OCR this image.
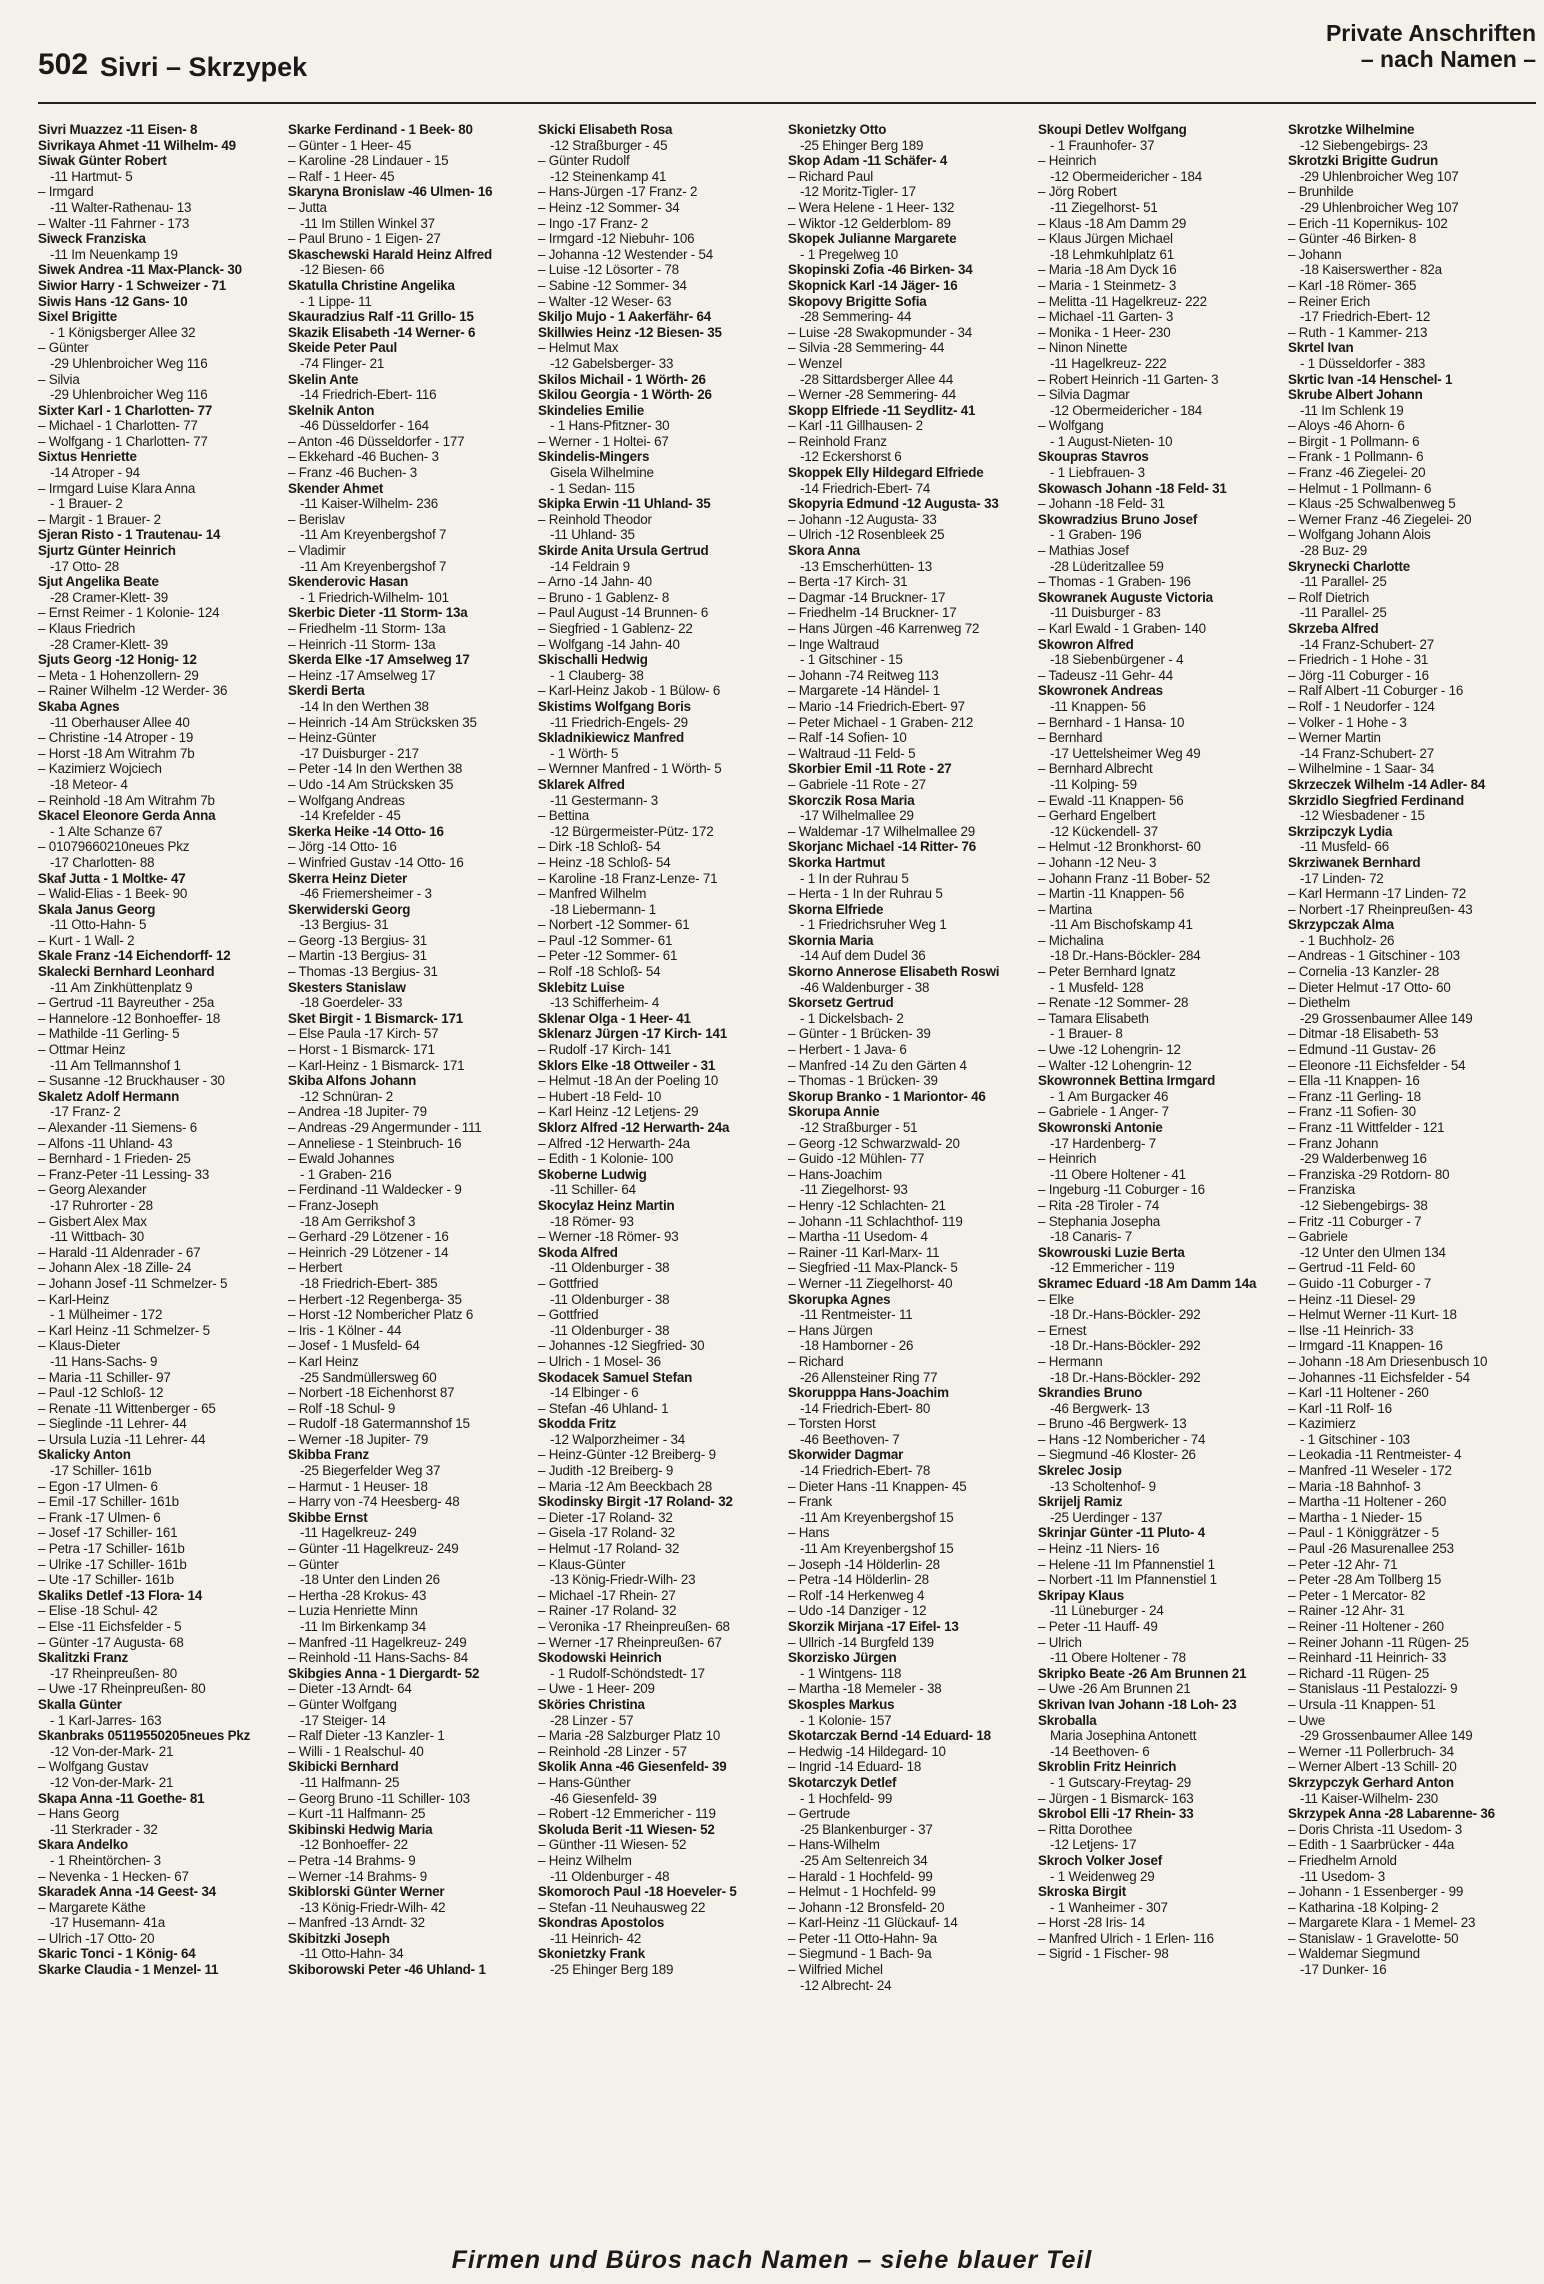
502 Sivri – Skrzypek
Private Anschriften
– nach Namen –
Sivri Muazzez -11 Eisen- 8
Sivrikaya Ahmet -11 Wilhelm- 49
Siwak Günter Robert
-11 Hartmut- 5
– Irmgard
-11 Walter-Rathenau- 13
– Walter -11 Fahrner - 173
Siweck Franziska
-11 Im Neuenkamp 19
Siwek Andrea -11 Max-Planck- 30
Siwior Harry - 1 Schweizer - 71
Siwis Hans -12 Gans- 10
Sixel Brigitte
- 1 Königsberger Allee 32
– Günter
-29 Uhlenbroicher Weg 116
– Silvia
-29 Uhlenbroicher Weg 116
Sixter Karl - 1 Charlotten- 77
– Michael - 1 Charlotten- 77
– Wolfgang - 1 Charlotten- 77
Sixtus Henriette
-14 Atroper - 94
– Irmgard Luise Klara Anna
- 1 Brauer- 2
– Margit - 1 Brauer- 2
Sjeran Risto - 1 Trautenau- 14
Sjurtz Günter Heinrich
-17 Otto- 28
Sjut Angelika Beate
-28 Cramer-Klett- 39
– Ernst Reimer - 1 Kolonie- 124
– Klaus Friedrich
-28 Cramer-Klett- 39
Sjuts Georg -12 Honig- 12
– Meta - 1 Hohenzollern- 29
– Rainer Wilhelm -12 Werder- 36
Skaba Agnes
-11 Oberhauser Allee 40
– Christine -14 Atroper - 19
– Horst -18 Am Witrahm 7b
– Kazimierz Wojciech
-18 Meteor- 4
– Reinhold -18 Am Witrahm 7b
Skacel Eleonore Gerda Anna
- 1 Alte Schanze 67
– 01079660210neues Pkz
-17 Charlotten- 88
Skaf Jutta - 1 Moltke- 47
– Walid-Elias - 1 Beek- 90
Skala Janus Georg
-11 Otto-Hahn- 5
– Kurt - 1 Wall- 2
Skale Franz -14 Eichendorff- 12
Skalecki Bernhard Leonhard
-11 Am Zinkhüttenplatz 9
– Gertrud -11 Bayreuther - 25a
– Hannelore -12 Bonhoeffer- 18
– Mathilde -11 Gerling- 5
– Ottmar Heinz
-11 Am Tellmannshof 1
– Susanne -12 Bruckhauser - 30
Skaletz Adolf Hermann
-17 Franz- 2
– Alexander -11 Siemens- 6
– Alfons -11 Uhland- 43
– Bernhard - 1 Frieden- 25
– Franz-Peter -11 Lessing- 33
– Georg Alexander
-17 Ruhrorter - 28
– Gisbert Alex Max
-11 Wittbach- 30
– Harald -11 Aldenrader - 67
– Johann Alex -18 Zille- 24
– Johann Josef -11 Schmelzer- 5
– Karl-Heinz
- 1 Mülheimer - 172
– Karl Heinz -11 Schmelzer- 5
– Klaus-Dieter
-11 Hans-Sachs- 9
– Maria -11 Schiller- 97
– Paul -12 Schloß- 12
– Renate -11 Wittenberger - 65
– Sieglinde -11 Lehrer- 44
– Ursula Luzia -11 Lehrer- 44
Skalicky Anton
-17 Schiller- 161b
– Egon -17 Ulmen- 6
– Emil -17 Schiller- 161b
– Frank -17 Ulmen- 6
– Josef -17 Schiller- 161
– Petra -17 Schiller- 161b
– Ulrike -17 Schiller- 161b
– Ute -17 Schiller- 161b
Skaliks Detlef -13 Flora- 14
– Elise -18 Schul- 42
– Else -11 Eichsfelder - 5
– Günter -17 Augusta- 68
Skalitzki Franz
-17 Rheinpreußen- 80
– Uwe -17 Rheinpreußen- 80
Skalla Günter
- 1 Karl-Jarres- 163
Skanbraks 05119550205neues Pkz
-12 Von-der-Mark- 21
– Wolfgang Gustav
-12 Von-der-Mark- 21
Skapa Anna -11 Goethe- 81
– Hans Georg
-11 Sterkrader - 32
Skara Andelko
- 1 Rheintörchen- 3
– Nevenka - 1 Hecken- 67
Skaradek Anna -14 Geest- 34
– Margarete Käthe
-17 Husemann- 41a
– Ulrich -17 Otto- 20
Skaric Tonci - 1 König- 64
Skarke Claudia - 1 Menzel- 11
Skarke Ferdinand - 1 Beek- 80
– Günter - 1 Heer- 45
– Karoline -28 Lindauer - 15
– Ralf - 1 Heer- 45
Skaryna Bronislaw -46 Ulmen- 16
– Jutta
-11 Im Stillen Winkel 37
– Paul Bruno - 1 Eigen- 27
Skaschewski Harald Heinz Alfred
-12 Biesen- 66
Skatulla Christine Angelika
- 1 Lippe- 11
Skauradzius Ralf -11 Grillo- 15
Skazik Elisabeth -14 Werner- 6
Skeide Peter Paul
-74 Flinger- 21
Skelin Ante
-14 Friedrich-Ebert- 116
Skelnik Anton
-46 Düsseldorfer - 164
– Anton -46 Düsseldorfer - 177
– Ekkehard -46 Buchen- 3
– Franz -46 Buchen- 3
Skender Ahmet
-11 Kaiser-Wilhelm- 236
– Berislav
-11 Am Kreyenbergshof 7
– Vladimir
-11 Am Kreyenbergshof 7
Skenderovic Hasan
- 1 Friedrich-Wilhelm- 101
Skerbic Dieter -11 Storm- 13a
– Friedhelm -11 Storm- 13a
– Heinrich -11 Storm- 13a
Skerda Elke -17 Amselweg 17
– Heinz -17 Amselweg 17
Skerdi Berta
-14 In den Werthen 38
– Heinrich -14 Am Strücksken 35
– Heinz-Günter
-17 Duisburger - 217
– Peter -14 In den Werthen 38
– Udo -14 Am Strücksken 35
– Wolfgang Andreas
-14 Krefelder - 45
Skerka Heike -14 Otto- 16
– Jörg -14 Otto- 16
– Winfried Gustav -14 Otto- 16
Skerra Heinz Dieter
-46 Friemersheimer - 3
Skerwiderski Georg
-13 Bergius- 31
– Georg -13 Bergius- 31
– Martin -13 Bergius- 31
– Thomas -13 Bergius- 31
Skesters Stanislaw
-18 Goerdeler- 33
Sket Birgit - 1 Bismarck- 171
– Else Paula -17 Kirch- 57
– Horst - 1 Bismarck- 171
– Karl-Heinz - 1 Bismarck- 171
Skiba Alfons Johann
-12 Schnüran- 2
– Andrea -18 Jupiter- 79
– Andreas -29 Angermunder - 111
– Anneliese - 1 Steinbruch- 16
– Ewald Johannes
- 1 Graben- 216
– Ferdinand -11 Waldecker - 9
– Franz-Joseph
-18 Am Gerrikshof 3
– Gerhard -29 Lötzener - 16
– Heinrich -29 Lötzener - 14
– Herbert
-18 Friedrich-Ebert- 385
– Herbert -12 Regenberga- 35
– Horst -12 Nombericher Platz 6
– Iris - 1 Kölner - 44
– Josef - 1 Musfeld- 64
– Karl Heinz
-25 Sandmüllersweg 60
– Norbert -18 Eichenhorst 87
– Rolf -18 Schul- 9
– Rudolf -18 Gatermannshof 15
– Werner -18 Jupiter- 79
Skibba Franz
-25 Biegerfelder Weg 37
– Harmut - 1 Heuser- 18
– Harry von -74 Heesberg- 48
Skibbe Ernst
-11 Hagelkreuz- 249
– Günter -11 Hagelkreuz- 249
– Günter
-18 Unter den Linden 26
– Hertha -28 Krokus- 43
– Luzia Henriette Minn
-11 Im Birkenkamp 34
– Manfred -11 Hagelkreuz- 249
– Reinhold -11 Hans-Sachs- 84
Skibgies Anna - 1 Diergardt- 52
– Dieter -13 Arndt- 64
– Günter Wolfgang
-17 Steiger- 14
– Ralf Dieter -13 Kanzler- 1
– Willi - 1 Realschul- 40
Skibicki Bernhard
-11 Halfmann- 25
– Georg Bruno -11 Schiller- 103
– Kurt -11 Halfmann- 25
Skibinski Hedwig Maria
-12 Bonhoeffer- 22
– Petra -14 Brahms- 9
– Werner -14 Brahms- 9
Skiblorski Günter Werner
-13 König-Friedr-Wilh- 42
– Manfred -13 Arndt- 32
Skibitzki Joseph
-11 Otto-Hahn- 34
Skiborowski Peter -46 Uhland- 1
Skicki Elisabeth Rosa
-12 Straßburger - 45
– Günter Rudolf
-12 Steinenkamp 41
– Hans-Jürgen -17 Franz- 2
– Heinz -12 Sommer- 34
– Ingo -17 Franz- 2
– Irmgard -12 Niebuhr- 106
– Johanna -12 Westender - 54
– Luise -12 Lösorter - 78
– Sabine -12 Sommer- 34
– Walter -12 Weser- 63
Skiljo Mujo - 1 Aakerfähr- 64
Skillwies Heinz -12 Biesen- 35
– Helmut Max
-12 Gabelsberger- 33
Skilos Michail - 1 Wörth- 26
Skilou Georgia - 1 Wörth- 26
Skindelies Emilie
- 1 Hans-Pfitzner- 30
– Werner - 1 Holtei- 67
Skindelis-Mingers
Gisela Wilhelmine
- 1 Sedan- 115
Skipka Erwin -11 Uhland- 35
– Reinhold Theodor
-11 Uhland- 35
Skirde Anita Ursula Gertrud
-14 Feldrain 9
– Arno -14 Jahn- 40
– Bruno - 1 Gablenz- 8
– Paul August -14 Brunnen- 6
– Siegfried - 1 Gablenz- 22
– Wolfgang -14 Jahn- 40
Skischalli Hedwig
- 1 Clauberg- 38
– Karl-Heinz Jakob - 1 Bülow- 6
Skistims Wolfgang Boris
-11 Friedrich-Engels- 29
Skladnikiewicz Manfred
- 1 Wörth- 5
– Wernner Manfred - 1 Wörth- 5
Sklarek Alfred
-11 Gestermann- 3
– Bettina
-12 Bürgermeister-Pütz- 172
– Dirk -18 Schloß- 54
– Heinz -18 Schloß- 54
– Karoline -18 Franz-Lenze- 71
– Manfred Wilhelm
-18 Liebermann- 1
– Norbert -12 Sommer- 61
– Paul -12 Sommer- 61
– Peter -12 Sommer- 61
– Rolf -18 Schloß- 54
Sklebitz Luise
-13 Schifferheim- 4
Sklenar Olga - 1 Heer- 41
Sklenarz Jürgen -17 Kirch- 141
– Rudolf -17 Kirch- 141
Sklors Elke -18 Ottweiler - 31
– Helmut -18 An der Poeling 10
– Hubert -18 Feld- 10
– Karl Heinz -12 Letjens- 29
Sklorz Alfred -12 Herwarth- 24a
– Alfred -12 Herwarth- 24a
– Edith - 1 Kolonie- 100
Skoberne Ludwig
-11 Schiller- 64
Skocylaz Heinz Martin
-18 Römer- 93
– Werner -18 Römer- 93
Skoda Alfred
-11 Oldenburger - 38
– Gottfried
-11 Oldenburger - 38
– Gottfried
-11 Oldenburger - 38
– Johannes -12 Siegfried- 30
– Ulrich - 1 Mosel- 36
Skodacek Samuel Stefan
-14 Elbinger - 6
– Stefan -46 Uhland- 1
Skodda Fritz
-12 Walporzheimer - 34
– Heinz-Günter -12 Breiberg- 9
– Judith -12 Breiberg- 9
– Maria -12 Am Beeckbach 28
Skodinsky Birgit -17 Roland- 32
– Dieter -17 Roland- 32
– Gisela -17 Roland- 32
– Helmut -17 Roland- 32
– Klaus-Günter
-13 König-Friedr-Wilh- 23
– Michael -17 Rhein- 27
– Rainer -17 Roland- 32
– Veronika -17 Rheinpreußen- 68
– Werner -17 Rheinpreußen- 67
Skodowski Heinrich
- 1 Rudolf-Schöndstedt- 17
– Uwe - 1 Heer- 209
Sköries Christina
-28 Linzer - 57
– Maria -28 Salzburger Platz 10
– Reinhold -28 Linzer - 57
Skolik Anna -46 Giesenfeld- 39
– Hans-Günther
-46 Giesenfeld- 39
– Robert -12 Emmericher - 119
Skoluda Berit -11 Wiesen- 52
– Günther -11 Wiesen- 52
– Heinz Wilhelm
-11 Oldenburger - 48
Skomoroch Paul -18 Hoeveler- 5
– Stefan -11 Neuhausweg 22
Skondras Apostolos
-11 Heinrich- 42
Skonietzky Frank
-25 Ehinger Berg 189
Skonietzky Otto
-25 Ehinger Berg 189
Skop Adam -11 Schäfer- 4
– Richard Paul
-12 Moritz-Tigler- 17
– Wera Helene - 1 Heer- 132
– Wiktor -12 Gelderblom- 89
Skopek Julianne Margarete
- 1 Pregelweg 10
Skopinski Zofia -46 Birken- 34
Skopnick Karl -14 Jäger- 16
Skopovy Brigitte Sofia
-28 Semmering- 44
– Luise -28 Swakopmunder - 34
– Silvia -28 Semmering- 44
– Wenzel
-28 Sittardsberger Allee 44
– Werner -28 Semmering- 44
Skopp Elfriede -11 Seydlitz- 41
– Karl -11 Gillhausen- 2
– Reinhold Franz
-12 Eckershorst 6
Skoppek Elly Hildegard Elfriede
-14 Friedrich-Ebert- 74
Skopyria Edmund -12 Augusta- 33
– Johann -12 Augusta- 33
– Ulrich -12 Rosenbleek 25
Skora Anna
-13 Emscherhütten- 13
– Berta -17 Kirch- 31
– Dagmar -14 Bruckner- 17
– Friedhelm -14 Bruckner- 17
– Hans Jürgen -46 Karrenweg 72
– Inge Waltraud
- 1 Gitschiner - 15
– Johann -74 Reitweg 113
– Margarete -14 Händel- 1
– Mario -14 Friedrich-Ebert- 97
– Peter Michael - 1 Graben- 212
– Ralf -14 Sofien- 10
– Waltraud -11 Feld- 5
Skorbier Emil -11 Rote - 27
– Gabriele -11 Rote - 27
Skorczik Rosa Maria
-17 Wilhelmallee 29
– Waldemar -17 Wilhelmallee 29
Skorjanc Michael -14 Ritter- 76
Skorka Hartmut
- 1 In der Ruhrau 5
– Herta - 1 In der Ruhrau 5
Skorna Elfriede
- 1 Friedrichsruher Weg 1
Skornia Maria
-14 Auf dem Dudel 36
Skorno Annerose Elisabeth Roswi
-46 Waldenburger - 38
Skorsetz Gertrud
- 1 Dickelsbach- 2
– Günter - 1 Brücken- 39
– Herbert - 1 Java- 6
– Manfred -14 Zu den Gärten 4
– Thomas - 1 Brücken- 39
Skorup Branko - 1 Mariontor- 46
Skorupa Annie
-12 Straßburger - 51
– Georg -12 Schwarzwald- 20
– Guido -12 Mühlen- 77
– Hans-Joachim
-11 Ziegelhorst- 93
– Henry -12 Schlachten- 21
– Johann -11 Schlachthof- 119
– Martha -11 Usedom- 4
– Rainer -11 Karl-Marx- 11
– Siegfried -11 Max-Planck- 5
– Werner -11 Ziegelhorst- 40
Skorupka Agnes
-11 Rentmeister- 11
– Hans Jürgen
-18 Hamborner - 26
– Richard
-26 Allensteiner Ring 77
Skorupppa Hans-Joachim
-14 Friedrich-Ebert- 80
– Torsten Horst
-46 Beethoven- 7
Skorwider Dagmar
-14 Friedrich-Ebert- 78
– Dieter Hans -11 Knappen- 45
– Frank
-11 Am Kreyenbergshof 15
– Hans
-11 Am Kreyenbergshof 15
– Joseph -14 Hölderlin- 28
– Petra -14 Hölderlin- 28
– Rolf -14 Herkenweg 4
– Udo -14 Danziger - 12
Skorzik Mirjana -17 Eifel- 13
– Ullrich -14 Burgfeld 139
Skorzisko Jürgen
- 1 Wintgens- 118
– Martha -18 Memeler - 38
Skosples Markus
- 1 Kolonie- 157
Skotarczak Bernd -14 Eduard- 18
– Hedwig -14 Hildegard- 10
– Ingrid -14 Eduard- 18
Skotarczyk Detlef
- 1 Hochfeld- 99
– Gertrude
-25 Blankenburger - 37
– Hans-Wilhelm
-25 Am Seltenreich 34
– Harald - 1 Hochfeld- 99
– Helmut - 1 Hochfeld- 99
– Johann -12 Bronsfeld- 20
– Karl-Heinz -11 Glückauf- 14
– Peter -11 Otto-Hahn- 9a
– Siegmund - 1 Bach- 9a
– Wilfried Michel
-12 Albrecht- 24
Skoupi Detlev Wolfgang
- 1 Fraunhofer- 37
– Heinrich
-12 Obermeidericher - 184
– Jörg Robert
-11 Ziegelhorst- 51
– Klaus -18 Am Damm 29
– Klaus Jürgen Michael
-18 Lehmkuhlplatz 61
– Maria -18 Am Dyck 16
– Maria - 1 Steinmetz- 3
– Melitta -11 Hagelkreuz- 222
– Michael -11 Garten- 3
– Monika - 1 Heer- 230
– Ninon Ninette
-11 Hagelkreuz- 222
– Robert Heinrich -11 Garten- 3
– Silvia Dagmar
-12 Obermeidericher - 184
– Wolfgang
- 1 August-Nieten- 10
Skoupras Stavros
- 1 Liebfrauen- 3
Skowasch Johann -18 Feld- 31
– Johann -18 Feld- 31
Skowradzius Bruno Josef
- 1 Graben- 196
– Mathias Josef
-28 Lüderitzallee 59
– Thomas - 1 Graben- 196
Skowranek Auguste Victoria
-11 Duisburger - 83
– Karl Ewald - 1 Graben- 140
Skowron Alfred
-18 Siebenbürgener - 4
– Tadeusz -11 Gehr- 44
Skowronek Andreas
-11 Knappen- 56
– Bernhard - 1 Hansa- 10
– Bernhard
-17 Uettelsheimer Weg 49
– Bernhard Albrecht
-11 Kolping- 59
– Ewald -11 Knappen- 56
– Gerhard Engelbert
-12 Kückendell- 37
– Helmut -12 Bronkhorst- 60
– Johann -12 Neu- 3
– Johann Franz -11 Bober- 52
– Martin -11 Knappen- 56
– Martina
-11 Am Bischofskamp 41
– Michalina
-18 Dr.-Hans-Böckler- 284
– Peter Bernhard Ignatz
- 1 Musfeld- 128
– Renate -12 Sommer- 28
– Tamara Elisabeth
- 1 Brauer- 8
– Uwe -12 Lohengrin- 12
– Walter -12 Lohengrin- 12
Skowronnek Bettina Irmgard
- 1 Am Burgacker 46
– Gabriele - 1 Anger- 7
Skowronski Antonie
-17 Hardenberg- 7
– Heinrich
-11 Obere Holtener - 41
– Ingeburg -11 Coburger - 16
– Rita -28 Tiroler - 74
– Stephania Josepha
-18 Canaris- 7
Skowrouski Luzie Berta
-12 Emmericher - 119
Skramec Eduard -18 Am Damm 14a
– Elke
-18 Dr.-Hans-Böckler- 292
– Ernest
-18 Dr.-Hans-Böckler- 292
– Hermann
-18 Dr.-Hans-Böckler- 292
Skrandies Bruno
-46 Bergwerk- 13
– Bruno -46 Bergwerk- 13
– Hans -12 Nombericher - 74
– Siegmund -46 Kloster- 26
Skrelec Josip
-13 Scholtenhof- 9
Skrijelj Ramiz
-25 Uerdinger - 137
Skrinjar Günter -11 Pluto- 4
– Heinz -11 Niers- 16
– Helene -11 Im Pfannenstiel 1
– Norbert -11 Im Pfannenstiel 1
Skripay Klaus
-11 Lüneburger - 24
– Peter -11 Hauff- 49
– Ulrich
-11 Obere Holtener - 78
Skripko Beate -26 Am Brunnen 21
– Uwe -26 Am Brunnen 21
Skrivan Ivan Johann -18 Loh- 23
Skroballa
Maria Josephina Antonett
-14 Beethoven- 6
Skroblin Fritz Heinrich
- 1 Gutscary-Freytag- 29
– Jürgen - 1 Bismarck- 163
Skrobol Elli -17 Rhein- 33
– Ritta Dorothee
-12 Letjens- 17
Skroch Volker Josef
- 1 Weidenweg 29
Skroska Birgit
- 1 Wanheimer - 307
– Horst -28 Iris- 14
– Manfred Ulrich - 1 Erlen- 116
– Sigrid - 1 Fischer- 98
Skrotzke Wilhelmine
-12 Siebengebirgs- 23
Skrotzki Brigitte Gudrun
-29 Uhlenbroicher Weg 107
– Brunhilde
-29 Uhlenbroicher Weg 107
– Erich -11 Kopernikus- 102
– Günter -46 Birken- 8
– Johann
-18 Kaiserswerther - 82a
– Karl -18 Römer- 365
– Reiner Erich
-17 Friedrich-Ebert- 12
– Ruth - 1 Kammer- 213
Skrtel Ivan
- 1 Düsseldorfer - 383
Skrtic Ivan -14 Henschel- 1
Skrube Albert Johann
-11 Im Schlenk 19
– Aloys -46 Ahorn- 6
– Birgit - 1 Pollmann- 6
– Frank - 1 Pollmann- 6
– Franz -46 Ziegelei- 20
– Helmut - 1 Pollmann- 6
– Klaus -25 Schwalbenweg 5
– Werner Franz -46 Ziegelei- 20
– Wolfgang Johann Alois
-28 Buz- 29
Skrynecki Charlotte
-11 Parallel- 25
– Rolf Dietrich
-11 Parallel- 25
Skrzeba Alfred
-14 Franz-Schubert- 27
– Friedrich - 1 Hohe - 31
– Jörg -11 Coburger - 16
– Ralf Albert -11 Coburger - 16
– Rolf - 1 Neudorfer - 124
– Volker - 1 Hohe - 3
– Werner Martin
-14 Franz-Schubert- 27
– Wilhelmine - 1 Saar- 34
Skrzeczek Wilhelm -14 Adler- 84
Skrzidlo Siegfried Ferdinand
-12 Wiesbadener - 15
Skrzipczyk Lydia
-11 Musfeld- 66
Skrziwanek Bernhard
-17 Linden- 72
– Karl Hermann -17 Linden- 72
– Norbert -17 Rheinpreußen- 43
Skrzypczak Alma
- 1 Buchholz- 26
– Andreas - 1 Gitschiner - 103
– Cornelia -13 Kanzler- 28
– Dieter Helmut -17 Otto- 60
– Diethelm
-29 Grossenbaumer Allee 149
– Ditmar -18 Elisabeth- 53
– Edmund -11 Gustav- 26
– Eleonore -11 Eichsfelder - 54
– Ella -11 Knappen- 16
– Franz -11 Gerling- 18
– Franz -11 Sofien- 30
– Franz -11 Wittfelder - 121
– Franz Johann
-29 Walderbenweg 16
– Franziska -29 Rotdorn- 80
– Franziska
-12 Siebengebirgs- 38
– Fritz -11 Coburger - 7
– Gabriele
-12 Unter den Ulmen 134
– Gertrud -11 Feld- 60
– Guido -11 Coburger - 7
– Heinz -11 Diesel- 29
– Helmut Werner -11 Kurt- 18
– Ilse -11 Heinrich- 33
– Irmgard -11 Knappen- 16
– Johann -18 Am Driesenbusch 10
– Johannes -11 Eichsfelder - 54
– Karl -11 Holtener - 260
– Karl -11 Rolf- 16
– Kazimierz
- 1 Gitschiner - 103
– Leokadia -11 Rentmeister- 4
– Manfred -11 Weseler - 172
– Maria -18 Bahnhof- 3
– Martha -11 Holtener - 260
– Martha - 1 Nieder- 15
– Paul - 1 Königgrätzer - 5
– Paul -26 Masurenallee 253
– Peter -12 Ahr- 71
– Peter -28 Am Tollberg 15
– Peter - 1 Mercator- 82
– Rainer -12 Ahr- 31
– Reiner -11 Holtener - 260
– Reiner Johann -11 Rügen- 25
– Reinhard -11 Heinrich- 33
– Richard -11 Rügen- 25
– Stanislaus -11 Pestalozzi- 9
– Ursula -11 Knappen- 51
– Uwe
-29 Grossenbaumer Allee 149
– Werner -11 Pollerbruch- 34
– Werner Albert -13 Schill- 20
Skrzypczyk Gerhard Anton
-11 Kaiser-Wilhelm- 230
Skrzypek Anna -28 Labarenne- 36
– Doris Christa -11 Usedom- 3
– Edith - 1 Saarbrücker - 44a
– Friedhelm Arnold
-11 Usedom- 3
– Johann - 1 Essenberger - 99
– Katharina -18 Kolping- 2
– Margarete Klara - 1 Memel- 23
– Stanislaw - 1 Gravelotte- 50
– Waldemar Siegmund
-17 Dunker- 16
Firmen und Büros nach Namen – siehe blauer Teil
